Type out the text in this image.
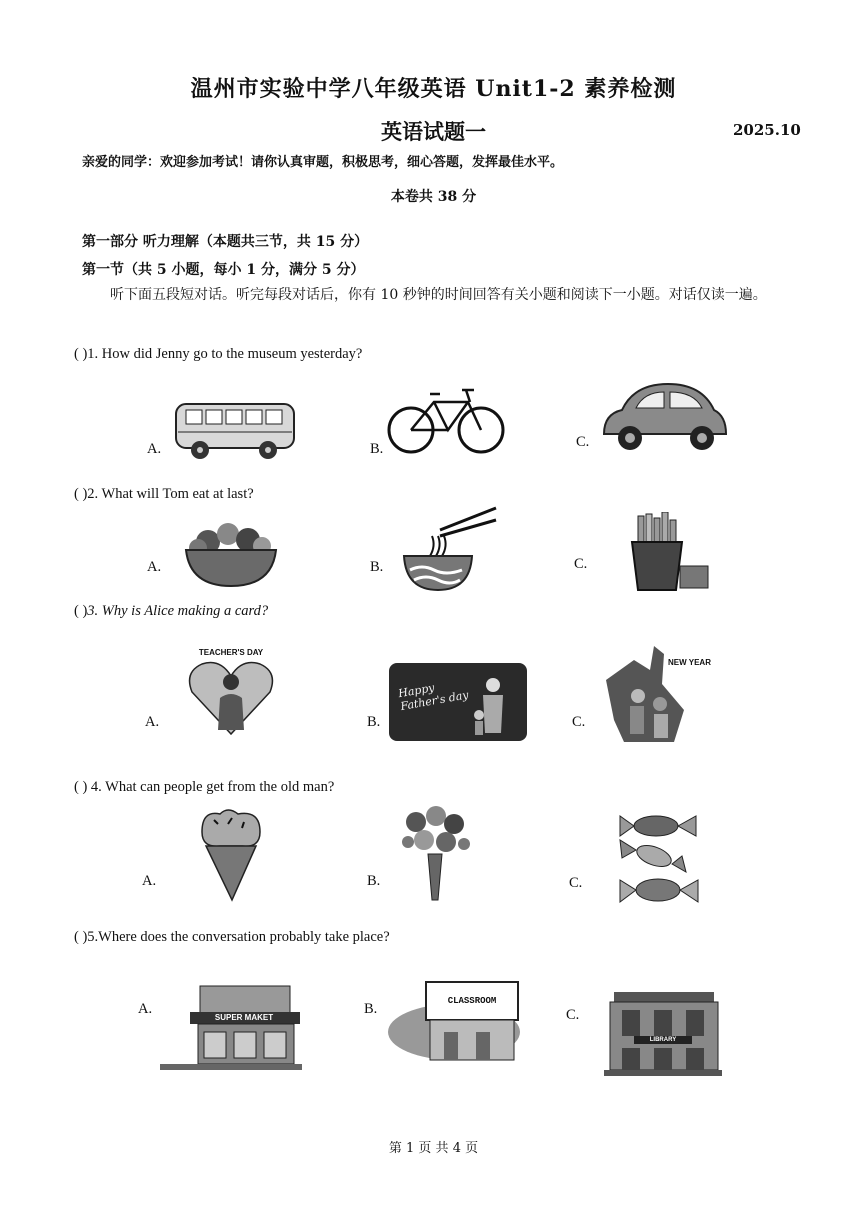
温州市实验中学八年级英语 Unit1-2 素养检测
英语试题一	2025.10
亲爱的同学：欢迎参加考试！请你认真审题，积极思考，细心答题，发挥最佳水平。
本卷共 38 分
第一部分 听力理解（本题共三节，共 15 分）
第一节（共 5 小题，每小 1 分，满分 5 分）
听下面五段短对话。听完每段对话后，你有 10 秒钟的时间回答有关小题和阅读下一小题。对话仅读一遍。
( )1. How did Jenny go to the museum yesterday?
A.	B.	C.
( )2. What will Tom eat at last?
A.	B.	C.
( )3. Why is Alice making a card?
A.
TEACHER'S DAY
B.
Happy Father's day
C.
NEW YEAR
( ) 4. What can people get from the old man?
A.	B.	C.
( )5.Where does the conversation probably take place?
A.
SUPER MAKET
B.	CLASSROOM
C.
LIBRARY
第 1 页 共 4 页
